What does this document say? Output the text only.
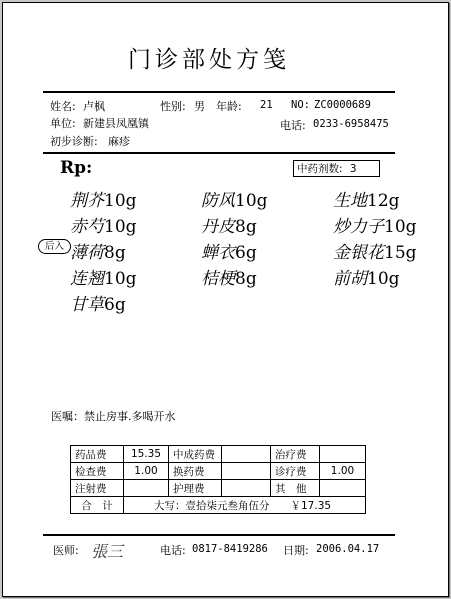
门诊部处方笺
姓名: 卢枫	性别: 男 年龄: 21 NO: ZC0000689
单位: 新建县凤凰镇	电话: 0233-6958475
初步诊断: 麻疹
Rp:	中药剂数: 3
后入
荆芥10g	防风10g	生地12g
赤芍10g	丹皮8g	炒力子10g
薄荷8g	蝉衣6g	金银花15g
连翘10g	桔梗8g	前胡10g
甘草6g
医嘱：禁止房事.多喝开水
药品费	15.35	中成药费		治疗费	
检查费	1.00	换药费		诊疗费	1.00
注射费		护理费		其　他	
合　计	大写：壹拾柒元叁角伍分　　￥17.35				
医师: 張三	电话: 0817-8419286 日期: 2006.04.17
